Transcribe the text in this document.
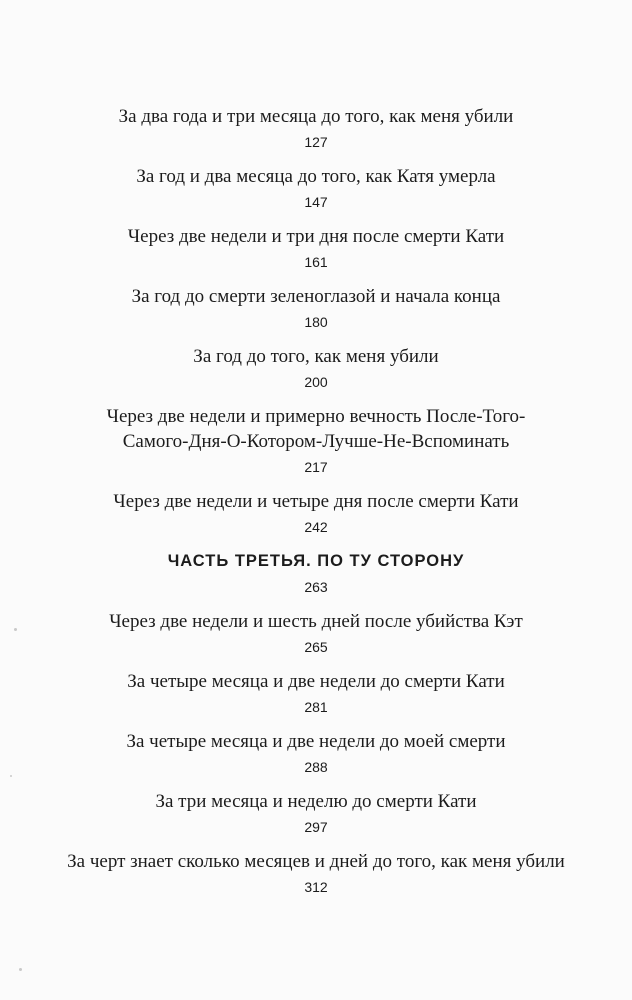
За два года и три месяца до того, как меня убили
127
За год и два месяца до того, как Катя умерла
147
Через две недели и три дня после смерти Кати
161
За год до смерти зеленоглазой и начала конца
180
За год до того, как меня убили
200
Через две недели и примерно вечность После-Того-Самого-Дня-О-Котором-Лучше-Не-Вспоминать
217
Через две недели и четыре дня после смерти Кати
242
ЧАСТЬ ТРЕТЬЯ. ПО ТУ СТОРОНУ
263
Через две недели и шесть дней после убийства Кэт
265
За четыре месяца и две недели до смерти Кати
281
За четыре месяца и две недели до моей смерти
288
За три месяца и неделю до смерти Кати
297
За черт знает сколько месяцев и дней до того, как меня убили
312
